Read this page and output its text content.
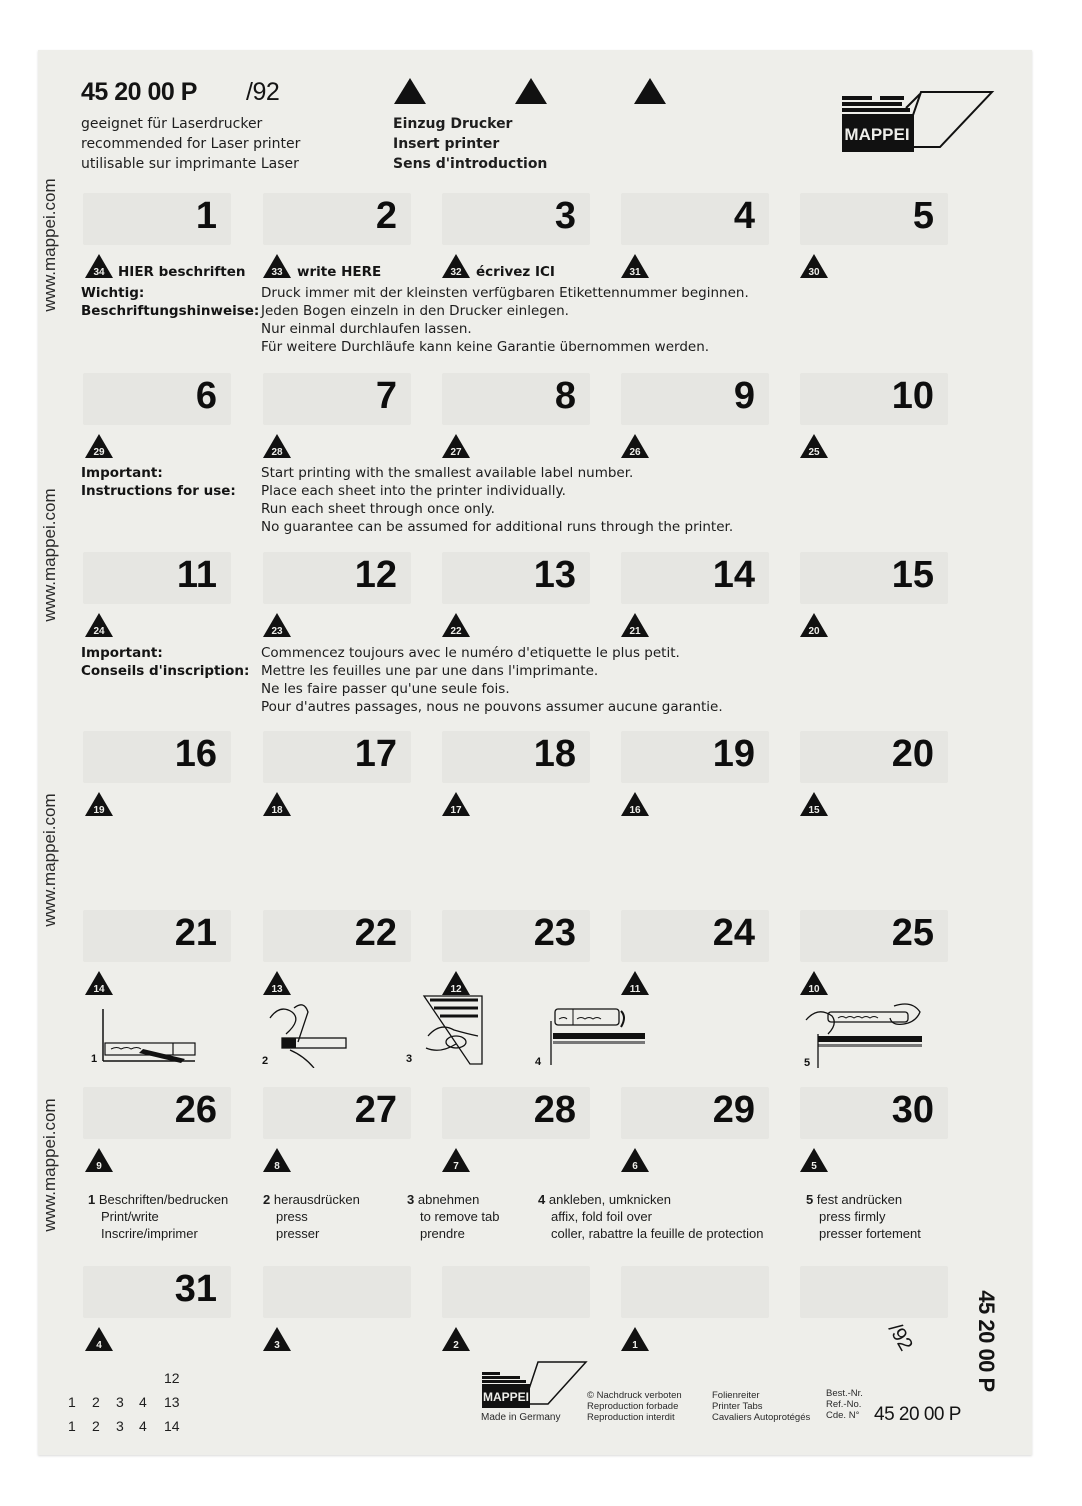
45 20 00 P /92
geeignet für Laserdrucker
recommended for Laser printer
utilisable sur imprimante Laser
Einzug Drucker
Insert printer
Sens d'introduction
MAPPEI
www.mappei.com
www.mappei.com
www.mappei.com
www.mappei.com
1	2	3	4	5
34	33	32	31	30
6	7	8	9	10
29	28	27	26	25
11	12	13	14	15
24	23	22	21	20
16	17	18	19	20
19	18	17	16	15
21	22	23	24	25
14	13	12	11	10
26	27	28	29	30
9	8	7	6	5
31
4	3	2	1
HIER beschriften	write HERE	écrivez ICI
Wichtig:
Beschriftungshinweise:
Druck immer mit der kleinsten verfügbaren Etikettennummer beginnen.
Jeden Bogen einzeln in den Drucker einlegen.
Nur einmal durchlaufen lassen.
Für weitere Durchläufe kann keine Garantie übernommen werden.
Important:
Instructions for use:
Start printing with the smallest available label number.
Place each sheet into the printer individually.
Run each sheet through once only.
No guarantee can be assumed for additional runs through the printer.
Important:
Conseils d'inscription:
Commencez toujours avec le numéro d'etiquette le plus petit.
Mettre les feuilles une par une dans l'imprimante.
Ne les faire passer qu'une seule fois.
Pour d'autres passages, nous ne pouvons assumer aucune garantie.
1	2	3	4	5
1 Beschriften/bedrucken
Print/write
Inscrire/imprimer
2 herausdrücken
press
presser
3 abnehmen
to remove tab
prendre
4 ankleben, umknicken
affix, fold foil over
coller, rabattre la feuille de protection
5 fest andrücken
press firmly
presser fortement
12
1 2 3 4 13
1 2 3 4 14
MAPPEI
Made in Germany
© Nachdruck verboten
Reproduction forbade
Reproduction interdit
Folienreiter
Printer Tabs
Cavaliers Autoprotégés
Best.-Nr.
Ref.-No.
Cde. N° 45 20 00 P
45 20 00 P
/92
